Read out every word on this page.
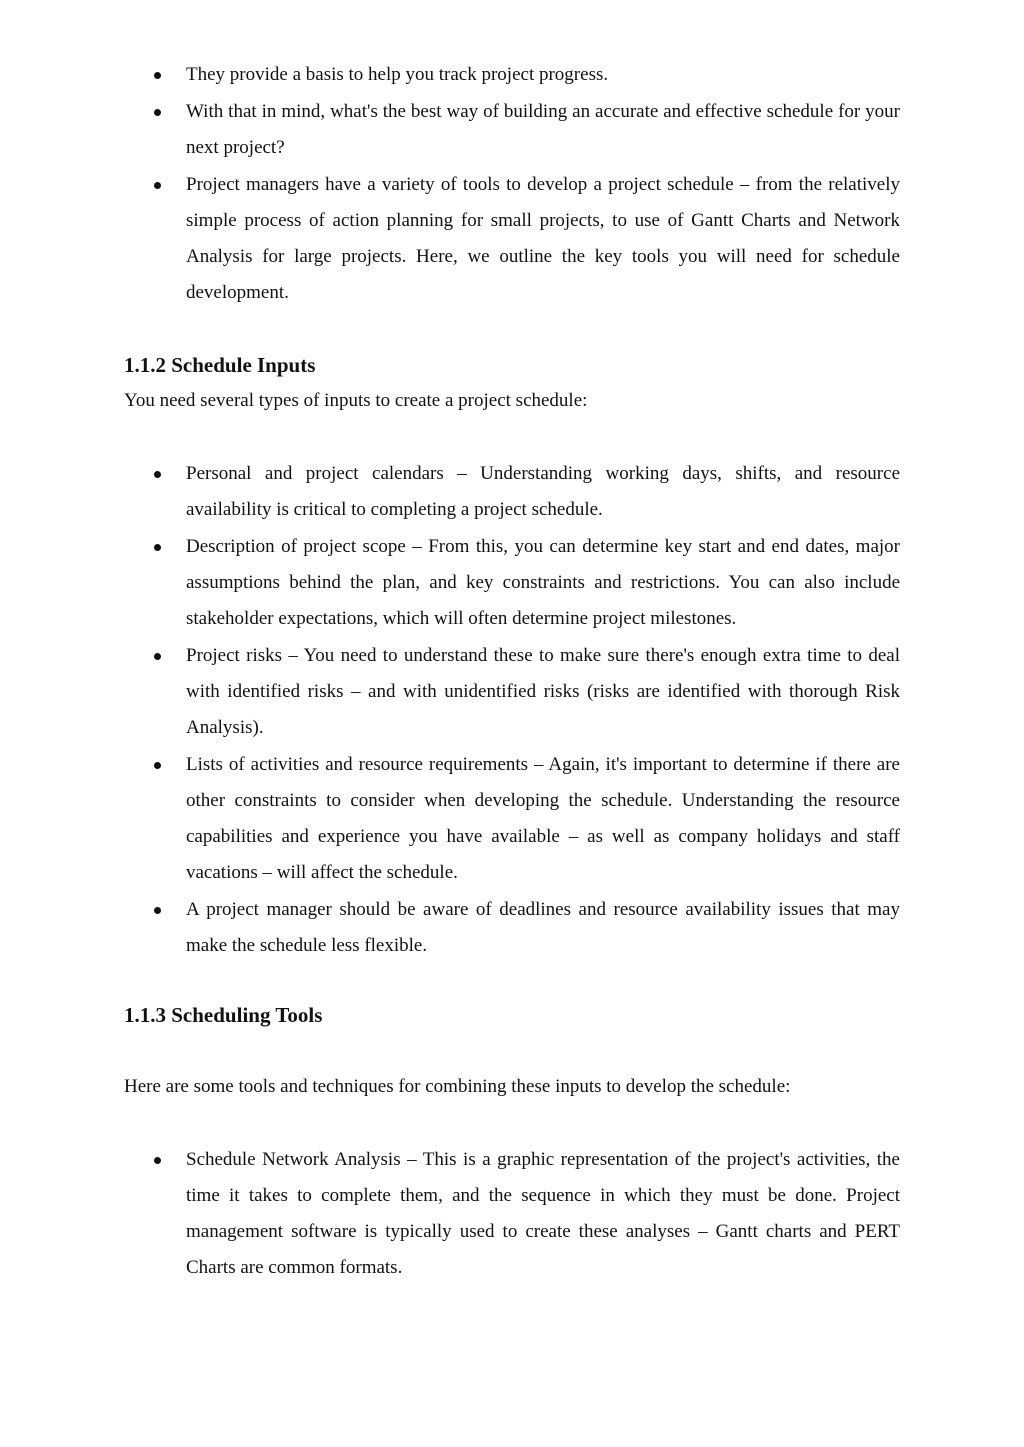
They provide a basis to help you track project progress.
With that in mind, what's the best way of building an accurate and effective schedule for your next project?
Project managers have a variety of tools to develop a project schedule – from the relatively simple process of action planning for small projects, to use of Gantt Charts and Network Analysis for large projects. Here, we outline the key tools you will need for schedule development.
1.1.2 Schedule Inputs
You need several types of inputs to create a project schedule:
Personal and project calendars – Understanding working days, shifts, and resource availability is critical to completing a project schedule.
Description of project scope – From this, you can determine key start and end dates, major assumptions behind the plan, and key constraints and restrictions. You can also include stakeholder expectations, which will often determine project milestones.
Project risks – You need to understand these to make sure there's enough extra time to deal with identified risks – and with unidentified risks (risks are identified with thorough Risk Analysis).
Lists of activities and resource requirements – Again, it's important to determine if there are other constraints to consider when developing the schedule. Understanding the resource capabilities and experience you have available – as well as company holidays and staff vacations – will affect the schedule.
A project manager should be aware of deadlines and resource availability issues that may make the schedule less flexible.
1.1.3 Scheduling Tools
Here are some tools and techniques for combining these inputs to develop the schedule:
Schedule Network Analysis – This is a graphic representation of the project's activities, the time it takes to complete them, and the sequence in which they must be done. Project management software is typically used to create these analyses – Gantt charts and PERT Charts are common formats.
